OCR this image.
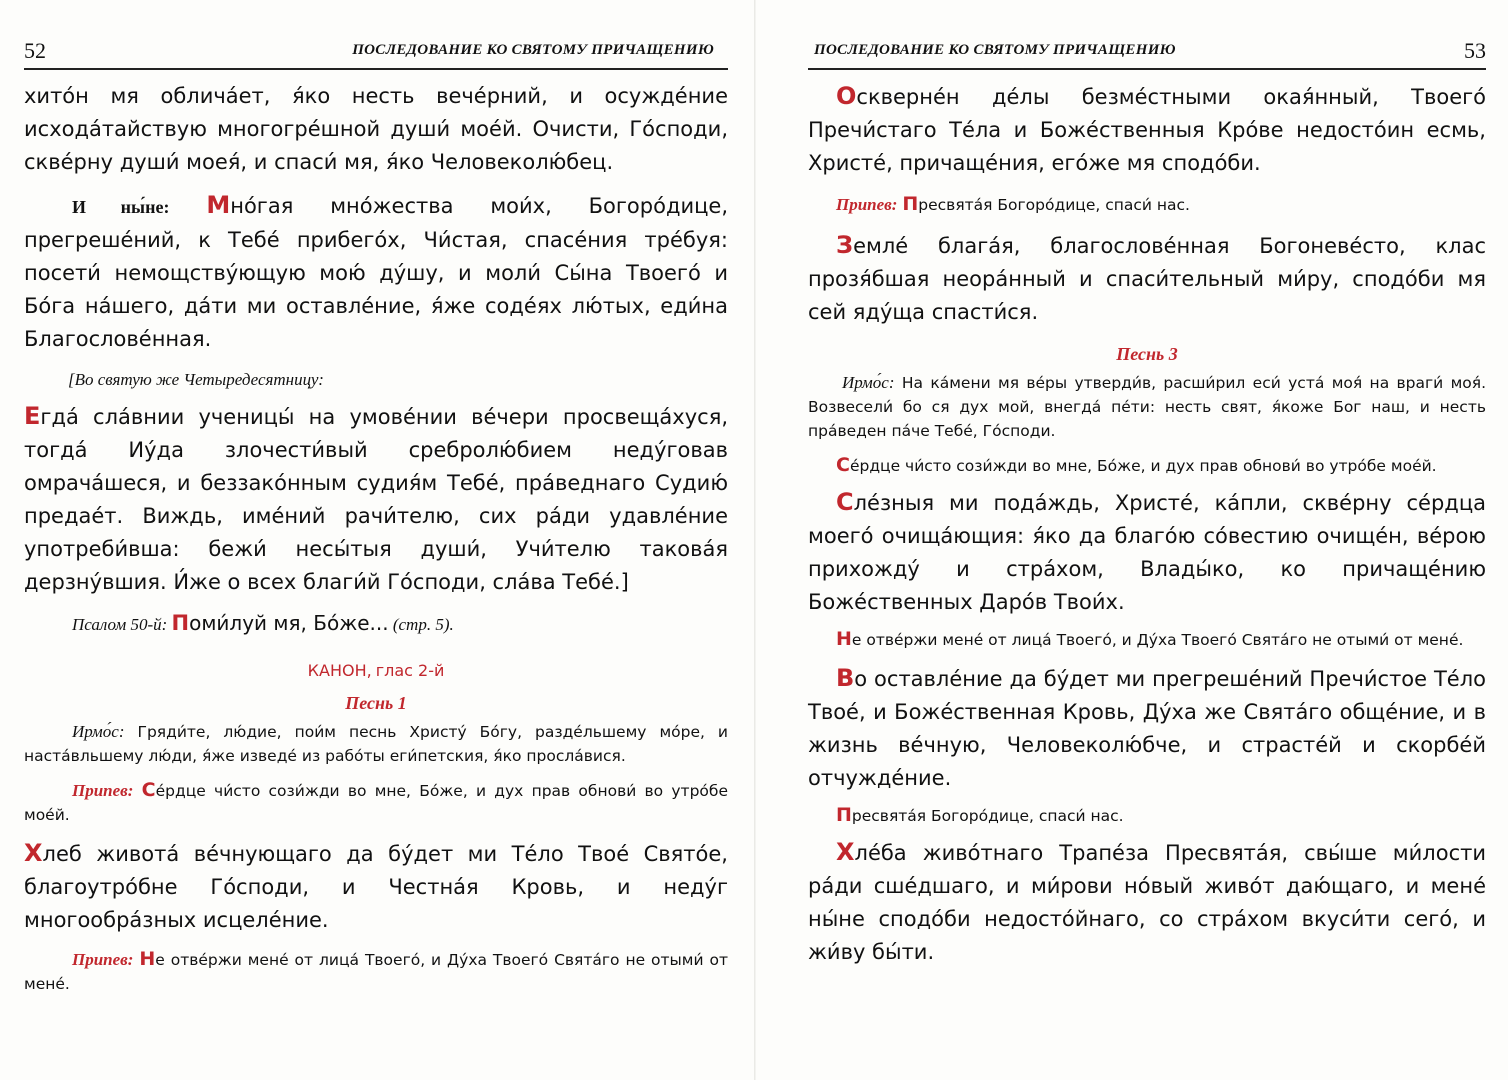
52	ПОСЛЕДОВАНИЕ КО СВЯТОМУ ПРИЧАЩЕНИЮ

хито́н мя облича́ет, я́ко несть вече́рний, и осужде́ние исхода́тайствую многогре́шной души́ мое́й. Очисти, Го́споди, скве́рну души́ моея́, и спаси́ мя, я́ко Человеколю́бец.

И ны́не: Мно́гая мно́жества мои́х, Богоро́дице, прегреше́ний, к Тебе́ прибего́х, Чи́стая, спасе́ния тре́буя: посети́ немощству́ющую мою́ ду́шу, и моли́ Сы́на Твоего́ и Бо́га на́шего, да́ти ми оставле́ние, я́же соде́ях лю́тых, еди́на Благослове́нная.

[Во святую же Четыредесятницу:

Егда́ сла́внии ученицы́ на умове́нии ве́чери просвеща́хуся, тогда́ Иу́да злочести́вый сребролю́бием неду́говав омрача́шеся, и беззако́нным судия́м Тебе́, пра́веднаго Судию́ предае́т. Виждь, име́ний рачи́телю, сих ра́ди удавле́ние употреби́вша: бежи́ несы́тыя души́, Учи́телю такова́я дерзну́вшия. И́же о всех благи́й Го́споди, сла́ва Тебе́.]

Псалом 50-й: Поми́луй мя, Бо́же... (стр. 5).

КАНОН, глас 2-й

Песнь 1

Ирмо́с: Гряди́те, лю́дие, пои́м песнь Христу́ Бо́гу, разде́льшему мо́ре, и наста́вльшему лю́ди, я́же изведе́ из рабо́ты еги́петския, я́ко просла́вися.

Припев: Се́рдце чи́сто сози́жди во мне, Бо́же, и дух прав обнови́ во утро́бе мое́й.

Хлеб живота́ ве́чнующаго да бу́дет ми Те́ло Твое́ Свято́е, благоутро́бне Го́споди, и Честна́я Кровь, и неду́г многообра́зных исцеле́ние.

Припев: Не отве́ржи мене́ от лица́ Твоего́, и Ду́ха Твоего́ Свята́го не отыми́ от мене́.

ПОСЛЕДОВАНИЕ КО СВЯТОМУ ПРИЧАЩЕНИЮ	53

Оскверне́н де́лы безме́стными окая́нный, Твоего́ Пречи́стаго Те́ла и Боже́ственныя Кро́ве недосто́ин есмь, Христе́, причаще́ния, его́же мя сподо́би.

Припев: Пресвята́я Богоро́дице, спаси́ нас.

Земле́ блага́я, благослове́нная Богоневе́сто, клас прозя́бшая неора́нный и спаси́тельный ми́ру, сподо́би мя сей яду́ща спасти́ся.

Песнь 3

Ирмо́с: На ка́мени мя ве́ры утверди́в, расши́рил еси́ уста́ моя́ на враги́ моя́. Возвесели́ бо ся дух мой, внегда́ пе́ти: несть свят, я́коже Бог наш, и несть пра́веден па́че Тебе́, Го́споди.

Се́рдце чи́сто сози́жди во мне, Бо́же, и дух прав обнови́ во утро́бе мое́й.

Сле́зныя ми пода́ждь, Христе́, ка́пли, скве́рну се́рдца моего́ очища́ющия: я́ко да благо́ю со́вестию очище́н, ве́рою прихожду́ и стра́хом, Влады́ко, ко причаще́нию Боже́ственных Даро́в Твои́х.

Не отве́ржи мене́ от лица́ Твоего́, и Ду́ха Твоего́ Свята́го не отыми́ от мене́.

Во оставле́ние да бу́дет ми прегреше́ний Пречи́стое Те́ло Твое́, и Боже́ственная Кровь, Ду́ха же Свята́го обще́ние, и в жизнь ве́чную, Человеколю́бче, и страсте́й и скорбе́й отчужде́ние.

Пресвята́я Богоро́дице, спаси́ нас.

Хле́ба живо́тнаго Трапе́за Пресвята́я, свы́ше ми́лости ра́ди сше́дшаго, и ми́рови но́вый живо́т даю́щаго, и мене́ ны́не сподо́би недосто́йнаго, со стра́хом вкуси́ти сего́, и жи́ву бы́ти.
